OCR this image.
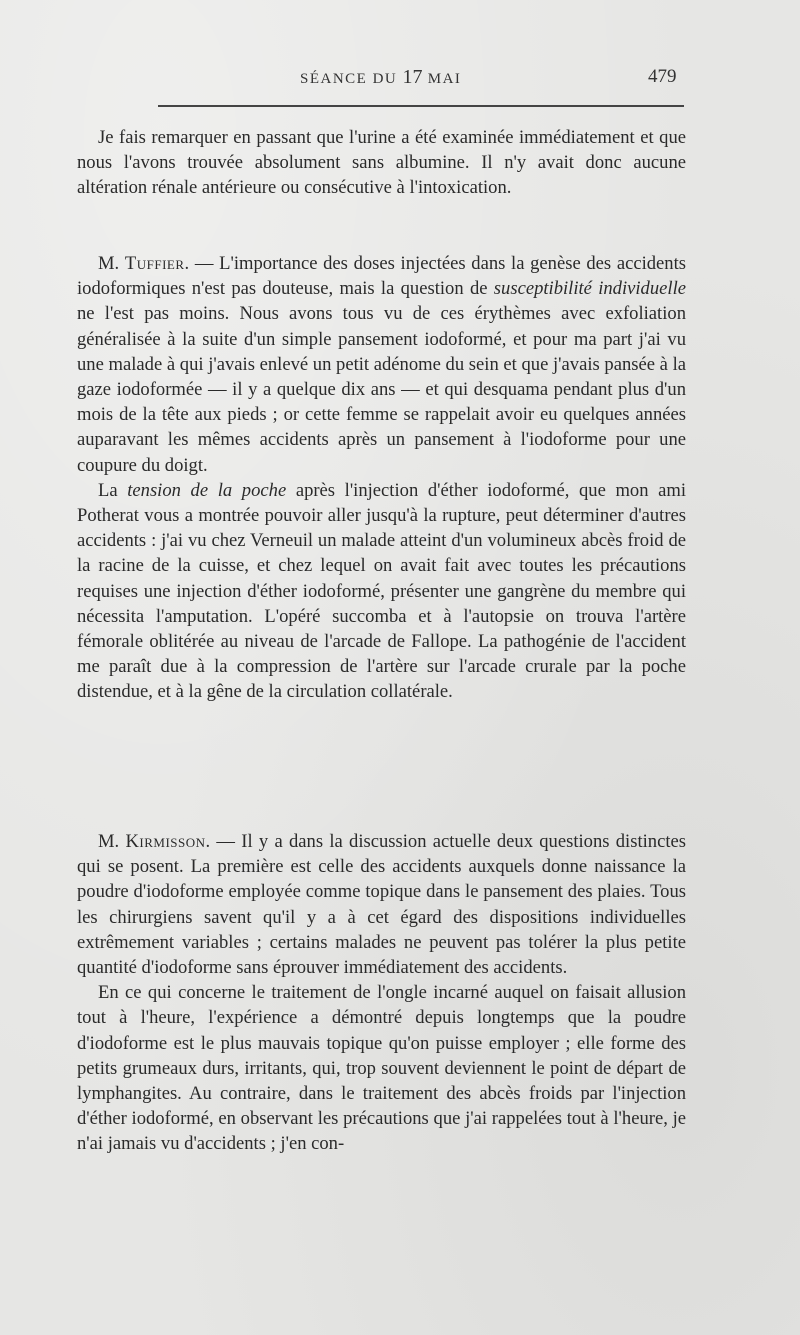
SÉANCE DU 17 MAI	479

Je fais remarquer en passant que l'urine a été examinée immédiatement et que nous l'avons trouvée absolument sans albumine. Il n'y avait donc aucune altération rénale antérieure ou consécutive à l'intoxication.

M. Tuffier. — L'importance des doses injectées dans la genèse des accidents iodoformiques n'est pas douteuse, mais la question de susceptibilité individuelle ne l'est pas moins. Nous avons tous vu de ces érythèmes avec exfoliation généralisée à la suite d'un simple pansement iodoformé, et pour ma part j'ai vu une malade à qui j'avais enlevé un petit adénome du sein et que j'avais pansée à la gaze iodoformée — il y a quelque dix ans — et qui desquama pendant plus d'un mois de la tête aux pieds ; or cette femme se rappelait avoir eu quelques années auparavant les mêmes accidents après un pansement à l'iodoforme pour une coupure du doigt.

La tension de la poche après l'injection d'éther iodoformé, que mon ami Potherat vous a montrée pouvoir aller jusqu'à la rupture, peut déterminer d'autres accidents : j'ai vu chez Verneuil un malade atteint d'un volumineux abcès froid de la racine de la cuisse, et chez lequel on avait fait avec toutes les précautions requises une injection d'éther iodoformé, présenter une gangrène du membre qui nécessita l'amputation. L'opéré succomba et à l'autopsie on trouva l'artère fémorale oblitérée au niveau de l'arcade de Fallope. La pathogénie de l'accident me paraît due à la compression de l'artère sur l'arcade crurale par la poche distendue, et à la gêne de la circulation collatérale.

M. Kirmisson. — Il y a dans la discussion actuelle deux questions distinctes qui se posent. La première est celle des accidents auxquels donne naissance la poudre d'iodoforme employée comme topique dans le pansement des plaies. Tous les chirurgiens savent qu'il y a à cet égard des dispositions individuelles extrêmement variables ; certains malades ne peuvent pas tolérer la plus petite quantité d'iodoforme sans éprouver immédiatement des accidents.

En ce qui concerne le traitement de l'ongle incarné auquel on faisait allusion tout à l'heure, l'expérience a démontré depuis longtemps que la poudre d'iodoforme est le plus mauvais topique qu'on puisse employer ; elle forme des petits grumeaux durs, irritants, qui, trop souvent deviennent le point de départ de lymphangites. Au contraire, dans le traitement des abcès froids par l'injection d'éther iodoformé, en observant les précautions que j'ai rappelées tout à l'heure, je n'ai jamais vu d'accidents ; j'en con-
